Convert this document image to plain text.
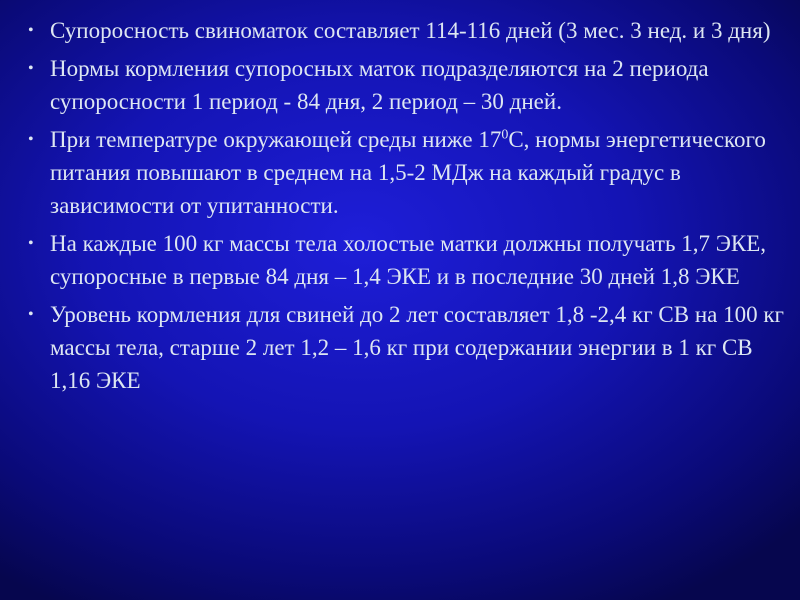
• Супоросность свиноматок составляет 114-116 дней (3 мес. 3 нед. и 3 дня)
• Нормы кормления супоросных маток подразделяются на 2 периода супоросности 1 период - 84 дня, 2 период – 30 дней.
• При температуре окружающей среды ниже $17^0С$, нормы энергетического питания повышают в среднем на 1,5-2 МДж на каждый градус в зависимости от упитанности.
• На каждые 100 кг массы тела холостые матки должны получать 1,7 ЭКЕ, супоросные в первые 84 дня – 1,4 ЭКЕ и в последние 30 дней 1,8 ЭКЕ
• Уровень кормления для свиней до 2 лет составляет 1,8 -2,4 кг СВ на 100 кг массы тела, старше 2 лет 1,2 – 1,6 кг при содержании энергии в 1 кг СВ 1,16 ЭКЕ
